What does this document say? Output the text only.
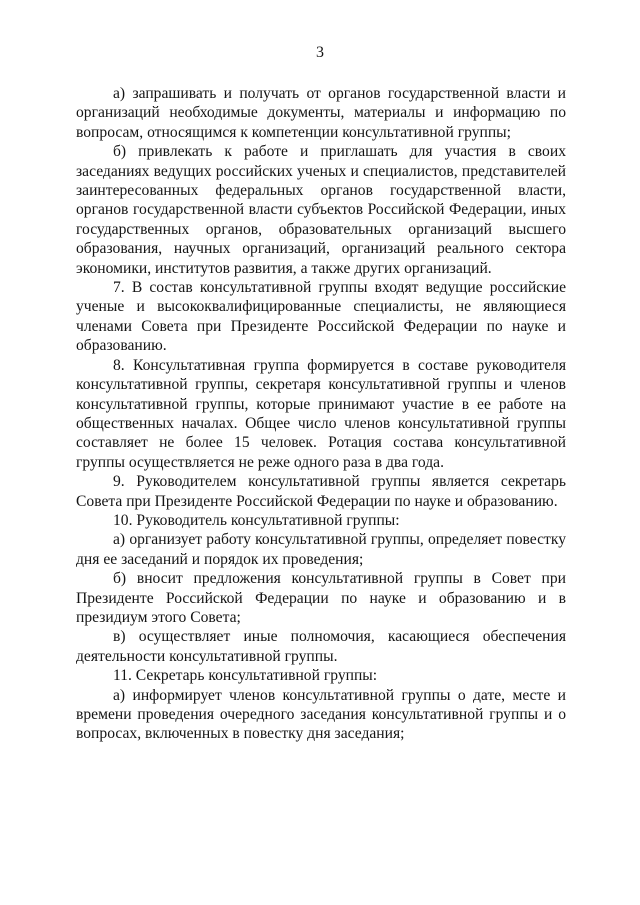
3

а) запрашивать и получать от органов государственной власти и организаций необходимые документы, материалы и информацию по вопросам, относящимся к компетенции консультативной группы;

б) привлекать к работе и приглашать для участия в своих заседаниях ведущих российских ученых и специалистов, представителей заинтересованных федеральных органов государственной власти, органов государственной власти субъектов Российской Федерации, иных государственных органов, образовательных организаций высшего образования, научных организаций, организаций реального сектора экономики, институтов развития, а также других организаций.

7. В состав консультативной группы входят ведущие российские ученые и высококвалифицированные специалисты, не являющиеся членами Совета при Президенте Российской Федерации по науке и образованию.

8. Консультативная группа формируется в составе руководителя консультативной группы, секретаря консультативной группы и членов консультативной группы, которые принимают участие в ее работе на общественных началах. Общее число членов консультативной группы составляет не более 15 человек. Ротация состава консультативной группы осуществляется не реже одного раза в два года.

9. Руководителем консультативной группы является секретарь Совета при Президенте Российской Федерации по науке и образованию.

10. Руководитель консультативной группы:

а) организует работу консультативной группы, определяет повестку дня ее заседаний и порядок их проведения;

б) вносит предложения консультативной группы в Совет при Президенте Российской Федерации по науке и образованию и в президиум этого Совета;

в) осуществляет иные полномочия, касающиеся обеспечения деятельности консультативной группы.

11. Секретарь консультативной группы:

а) информирует членов консультативной группы о дате, месте и времени проведения очередного заседания консультативной группы и о вопросах, включенных в повестку дня заседания;
